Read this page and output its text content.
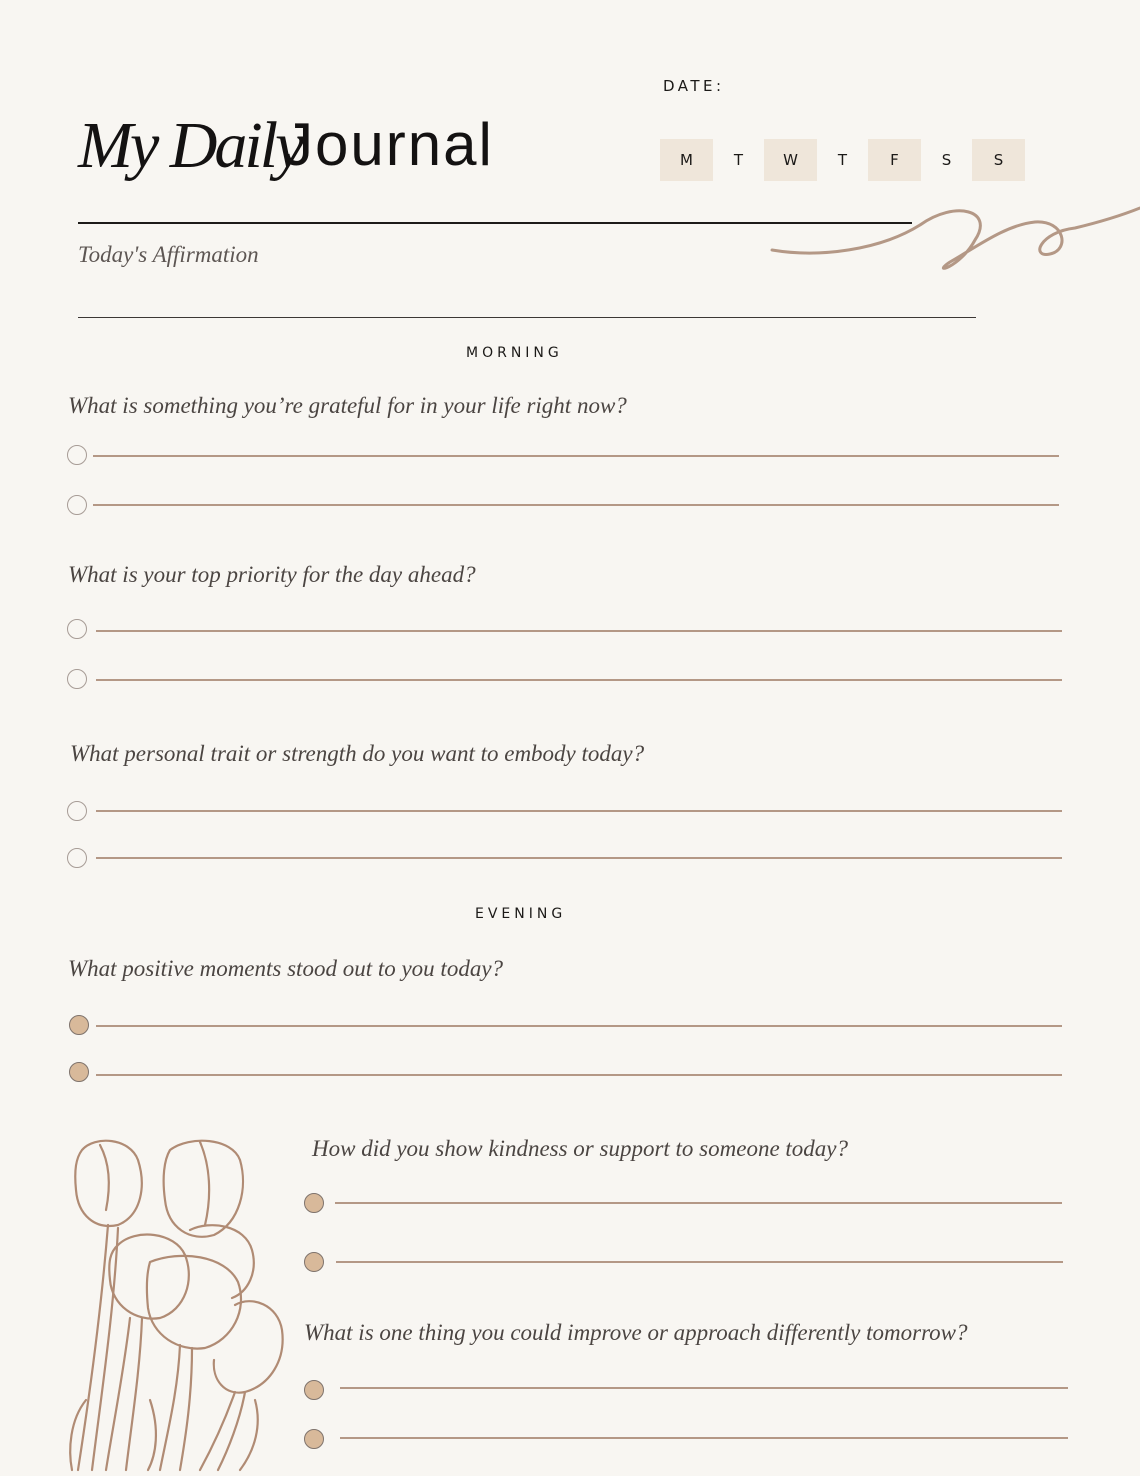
My Daily
Journal
DATE:
M	T	W	T	F	S	S
Today's Affirmation
MORNING
What is something you’re grateful for in your life right now?
What is your top priority for the day ahead?
What personal trait or strength do you want to embody today?
EVENING
What positive moments stood out to you today?
How did you show kindness or support to someone today?
What is one thing you could improve or approach differently tomorrow?
